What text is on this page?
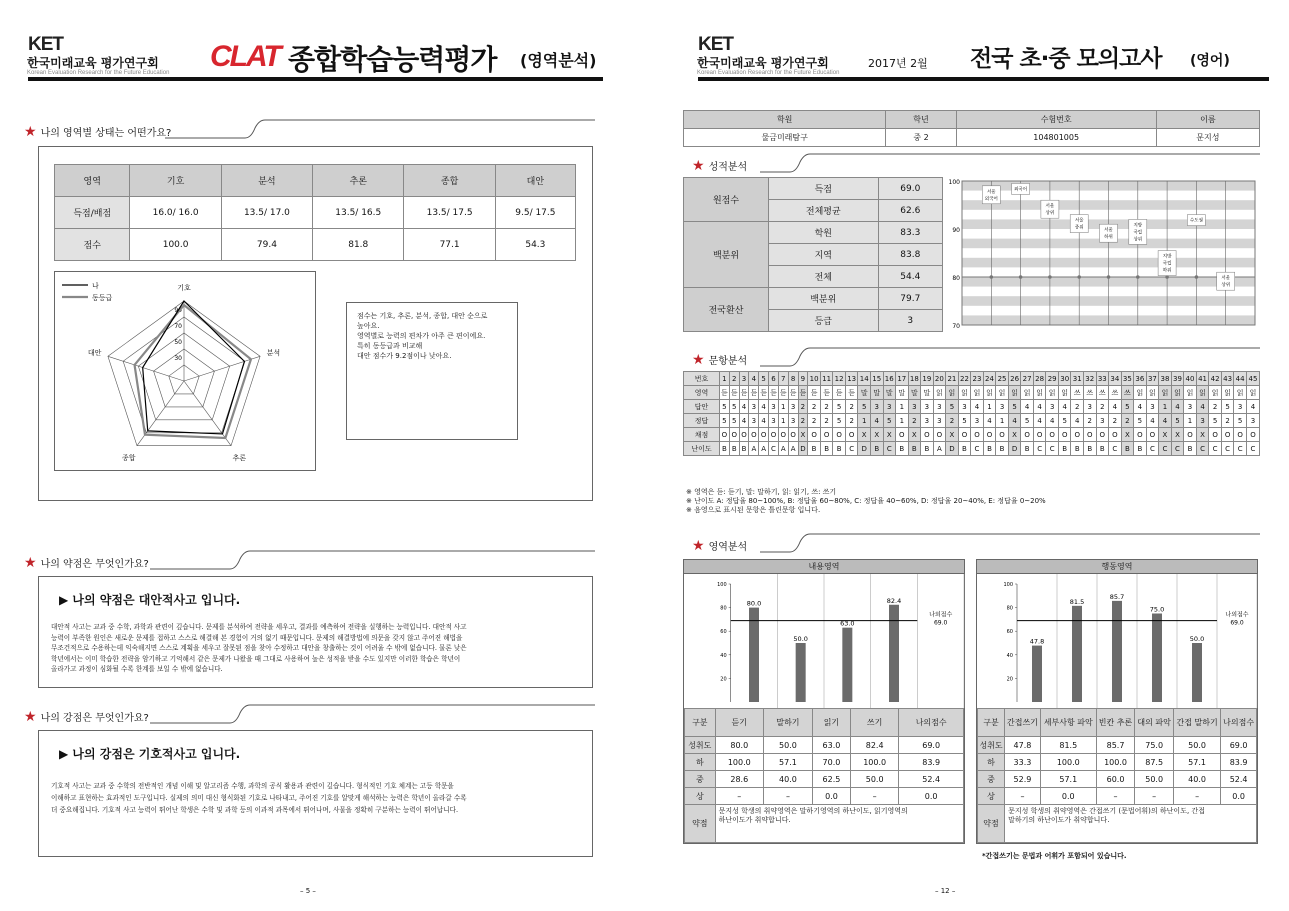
KET
한국미래교육 평가연구회
Korean Evaluation Research for the Future Education CLAT 종합학습능력평가 (영역분석)
★ 나의 영역별 상태는 어떤가요?
영역	기호	분석	추론	종합	대안
득점/배점	16.0/ 16.0	13.5/ 17.0	13.5/ 16.5	13.5/ 17.5	9.5/ 17.5
점수	100.0	79.4	81.8	77.1	54.3
기호
분석
추론
종합
대안
90
70
50
30
나
동등급
점수는 기호, 추론, 분석, 종합, 대안 순으로
높아요.
영역별로 능력의 편차가 아주 큰 편이에요.
특히 동등급과 비교해
대안 점수가 9.2점이나 낮아요.
★ 나의 약점은 무엇인가요?
▶ 나의 약점은 대안적사고 입니다.
대안적 사고는 교과 중 수학, 과학과 관련이 깊습니다. 문제를 분석하여 전략을 세우고, 결과를 예측하여 전략을 실행하는 능력입니다. 대안적 사고
능력이 부족한 원인은 새로운 문제를 접하고 스스로 해결해 본 경험이 거의 없기 때문입니다. 문제의 해결방법에 의문을 갖지 않고 주어진 해법을
무조건적으로 수용하는데 익숙해지면 스스로 계획을 세우고 잘못된 점을 찾아 수정하고 대안을 창출하는 것이 어려울 수 밖에 없습니다. 물론 낮은
학년에서는 이미 학습한 전략을 암기하고 기억해서 같은 문제가 나왔을 때 그대로 사용하여 높은 성적을 받을 수도 있지만 이러한 학습은 학년이
올라가고 과정이 심화될 수록 한계를 보일 수 밖에 없습니다.
★ 나의 강점은 무엇인가요?
▶ 나의 강점은 기호적사고 입니다.
기호적 사고는 교과 중 수학의 전반적인 개념 이해 및 알고리즘 수행, 과학의 공식 활용과 관련이 깊습니다. 형식적인 기호 체계는 고등 학문을
이해하고 표현하는 효과적인 도구입니다. 실제의 의미 대신 형식화된 기호로 나타내고, 주어진 기호를 알맞게 해석하는 능력은 학년이 올라갈 수록
더 중요해집니다. 기호적 사고 능력이 뛰어난 학생은 수학 및 과학 등의 이과적 과목에서 뛰어나며, 사물을 정확히 구분하는 능력이 뛰어납니다.
– 5 –
KET
한국미래교육 평가연구회
Korean Evaluation Research for the Future Education
2017년 2월 전국 초·중 모의고사 (영어)
학원	학년	수험번호	이름
물금미래탐구	중 2	104801005	문지성
★ 성적분석
원점수	득점	69.0
	전체평균	62.6
백분위	학원	83.3
	지역	83.8
	전체	54.4
전국환산	백분위	79.7
	등급	3
100
90
80
70
서울
외국어
외국어
서울
상위
서울
중위
서울
하위
지방
국립
상위
지방
국립
하위
수도권
서울
상위
★ 문항분석
번호	1	2	3	4	5	6	7	8	9	10	11	12	13	14	15	16	17	18	19	20	21	22	23	24	25	26	27	28	29	30	31	32	33	34	35	36	37	38	39	40	41	42	43	44	45
영역	듣	듣	듣	듣	듣	듣	듣	듣	듣	듣	듣	듣	듣	말	말	말	말	말	말	읽	읽	읽	읽	읽	읽	읽	읽	읽	읽	읽	쓰	쓰	쓰	쓰	쓰	읽	읽	읽	읽	읽	읽	읽	읽	읽	읽
답안	5	5	4	3	4	3	1	3	2	2	2	5	2	5	3	3	1	3	3	3	5	3	4	1	3	5	4	4	3	4	2	3	2	4	5	4	3	1	4	3	4	2	5	3	4
정답	5	5	4	3	4	3	1	3	2	2	2	5	2	1	4	5	1	2	3	3	2	5	3	4	1	4	5	4	4	5	4	2	3	2	2	5	4	4	5	1	3	5	2	5	3
채점	O	O	O	O	O	O	O	O	X	O	O	O	O	X	X	X	O	X	O	O	X	O	O	O	O	X	O	O	O	O	O	O	O	O	X	O	O	X	X	O	X	O	O	O	O
난이도	B	B	B	A	A	C	A	A	D	B	B	B	C	D	B	C	B	B	B	A	D	B	C	B	B	D	B	C	C	B	B	B	B	C	B	B	C	C	C	B	C	C	C	C	C
※ 영역은 듣: 듣기, 말: 말하기, 읽: 읽기, 쓰: 쓰기
※ 난이도 A: 정답율 80~100%, B: 정답율 60~80%, C: 정답율 40~60%, D: 정답율 20~40%, E: 정답율 0~20%
※ 음영으로 표시된 문항은 틀린문항 입니다.
★ 영역분석
내용영역
100
80
60
40
20
80.0
50.0
63.0
82.4
나의점수
69.0
구분	듣기	말하기	읽기	쓰기	나의점수
성취도	80.0	50.0	63.0	82.4	69.0
하	100.0	57.1	70.0	100.0	83.9
중	28.6	40.0	62.5	50.0	52.4
상	–	–	0.0	–	0.0
약점	문지성 학생의 취약영역은 말하기영역의 하난이도, 읽기영역의
하난이도가 취약합니다.				
행동영역
100
80
60
40
20
47.8
81.5
85.7
75.0
50.0
나의점수
69.0
구분	간접쓰기	세부사항 파악	빈칸 추론	대의 파악	간접 말하기	나의점수
성취도	47.8	81.5	85.7	75.0	50.0	69.0
하	33.3	100.0	100.0	87.5	57.1	83.9
중	52.9	57.1	60.0	50.0	40.0	52.4
상	–	0.0	–	–	–	0.0
약점	문지성 학생의 취약영역은 간접쓰기 (문법어휘)의 하난이도, 간접
말하기의 하난이도가 취약합니다.					
*간접쓰기는 문법과 어휘가 포함되어 있습니다.
– 12 –
